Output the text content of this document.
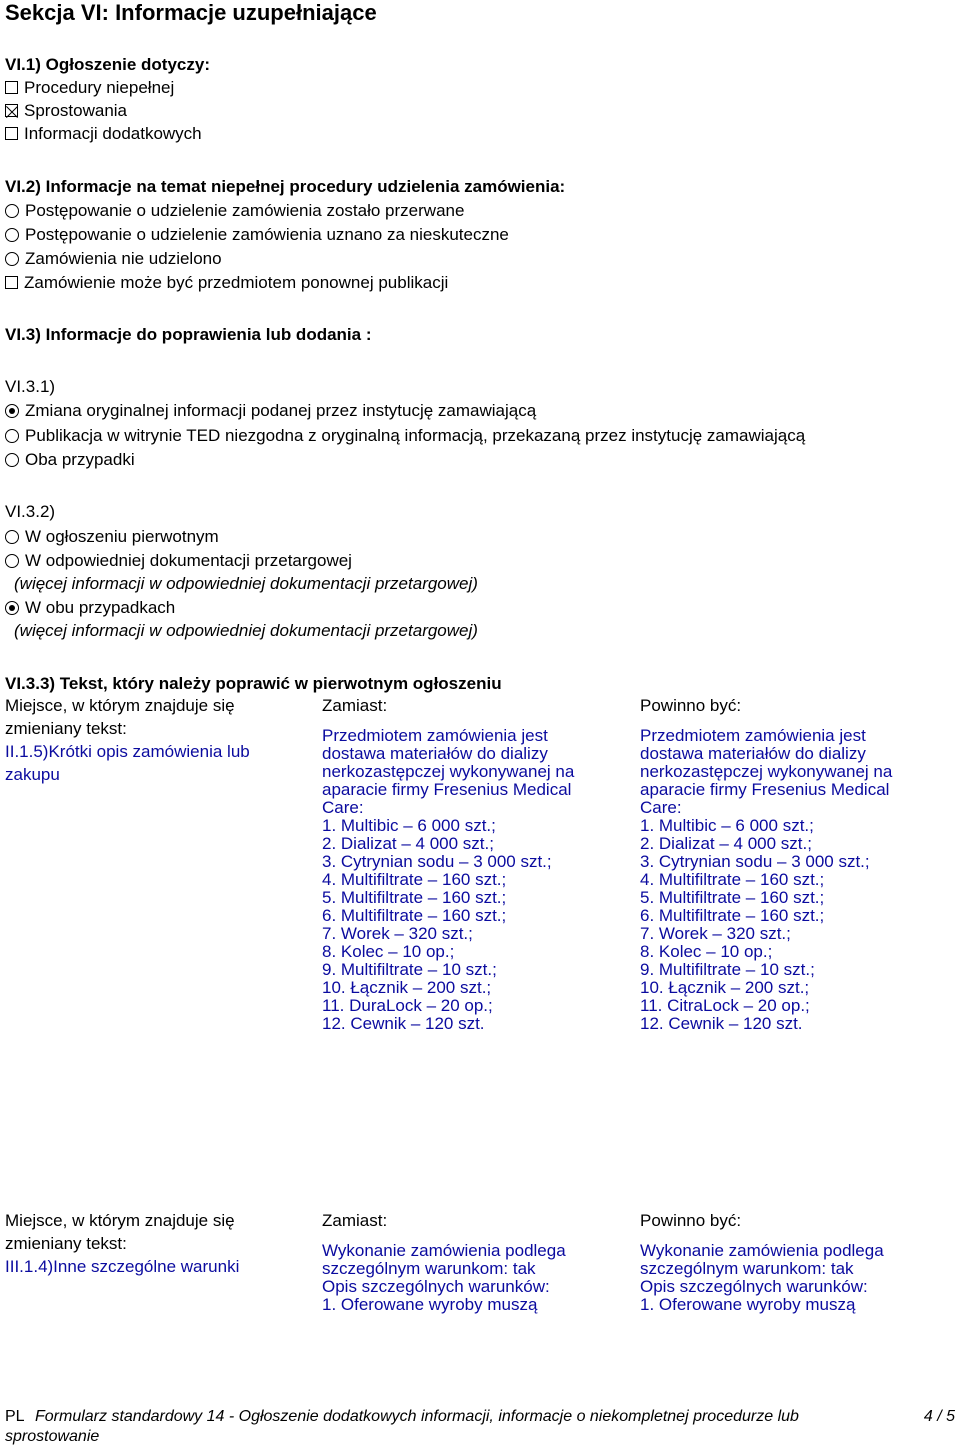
Sekcja VI: Informacje uzupełniające
VI.1) Ogłoszenie dotyczy:
Procedury niepełnej
Sprostowania
Informacji dodatkowych
VI.2) Informacje na temat niepełnej procedury udzielenia zamówienia:
Postępowanie o udzielenie zamówienia zostało przerwane
Postępowanie o udzielenie zamówienia uznano za nieskuteczne
Zamówienia nie udzielono
Zamówienie może być przedmiotem ponownej publikacji
VI.3) Informacje do poprawienia lub dodania :
VI.3.1)
Zmiana oryginalnej informacji podanej przez instytucję zamawiającą
Publikacja w witrynie TED niezgodna z oryginalną informacją, przekazaną przez instytucję zamawiającą
Oba przypadki
VI.3.2)
W ogłoszeniu pierwotnym
W odpowiedniej dokumentacji przetargowej
(więcej informacji w odpowiedniej dokumentacji przetargowej)
W obu przypadkach
(więcej informacji w odpowiedniej dokumentacji przetargowej)
VI.3.3) Tekst, który należy poprawić w pierwotnym ogłoszeniu
Miejsce, w którym znajduje się zmieniany tekst:
Zamiast:	Powinno być:
II.1.5)Krótki opis zamówienia lub zakupu
Przedmiotem zamówienia jest
dostawa materiałów do dializy
nerkozastępczej wykonywanej na
aparacie firmy Fresenius Medical
Care:
1. Multibic – 6 000 szt.;
2. Dializat – 4 000 szt.;
3. Cytrynian sodu – 3 000 szt.;
4. Multifiltrate – 160 szt.;
5. Multifiltrate – 160 szt.;
6. Multifiltrate – 160 szt.;
7. Worek – 320 szt.;
8. Kolec – 10 op.;
9. Multifiltrate – 10 szt.;
10. Łącznik – 200 szt.;
11. DuraLock – 20 op.;
12. Cewnik – 120 szt.
Przedmiotem zamówienia jest
dostawa materiałów do dializy
nerkozastępczej wykonywanej na
aparacie firmy Fresenius Medical
Care:
1. Multibic – 6 000 szt.;
2. Dializat – 4 000 szt.;
3. Cytrynian sodu – 3 000 szt.;
4. Multifiltrate – 160 szt.;
5. Multifiltrate – 160 szt.;
6. Multifiltrate – 160 szt.;
7. Worek – 320 szt.;
8. Kolec – 10 op.;
9. Multifiltrate – 10 szt.;
10. Łącznik – 200 szt.;
11. CitraLock – 20 op.;
12. Cewnik – 120 szt.
Miejsce, w którym znajduje się zmieniany tekst:
Zamiast:	Powinno być:
III.1.4)Inne szczególne warunki
Wykonanie zamówienia podlega
szczególnym warunkom: tak
Opis szczególnych warunków:
1. Oferowane wyroby muszą
Wykonanie zamówienia podlega
szczególnym warunkom: tak
Opis szczególnych warunków:
1. Oferowane wyroby muszą
PL Formularz standardowy 14 - Ogłoszenie dodatkowych informacji, informacje o niekompletnej procedurze lub
sprostowanie
4 / 5
